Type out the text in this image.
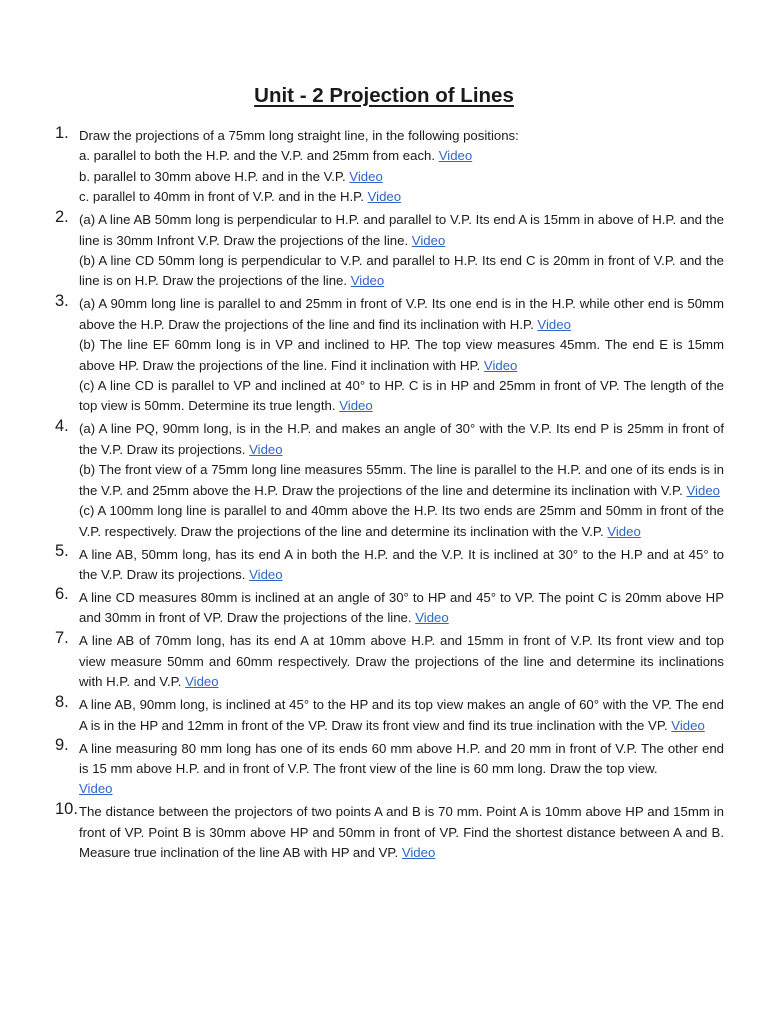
Unit - 2 Projection of Lines
1. Draw the projections of a 75mm long straight line, in the following positions:

a. parallel to both the H.P. and the V.P. and 25mm from each. Video

b. parallel to 30mm above H.P. and in the V.P. Video

c. parallel to 40mm in front of V.P. and in the H.P. Video

2. (a) A line AB 50mm long is perpendicular to H.P. and parallel to V.P. Its end A is 15mm in above of H.P. and the line is 30mm Infront V.P. Draw the projections of the line. Video

(b) A line CD 50mm long is perpendicular to V.P. and parallel to H.P. Its end C is 20mm in front of V.P. and the line is on H.P. Draw the projections of the line. Video

3. (a) A 90mm long line is parallel to and 25mm in front of V.P. Its one end is in the H.P. while other end is 50mm above the H.P. Draw the projections of the line and find its inclination with H.P. Video

(b) The line EF 60mm long is in VP and inclined to HP. The top view measures 45mm. The end E is 15mm above HP. Draw the projections of the line. Find it inclination with HP. Video

(c) A line CD is parallel to VP and inclined at 40° to HP. C is in HP and 25mm in front of VP. The length of the top view is 50mm. Determine its true length. Video

4. (a) A line PQ, 90mm long, is in the H.P. and makes an angle of 30° with the V.P. Its end P is 25mm in front of the V.P. Draw its projections. Video

(b) The front view of a 75mm long line measures 55mm. The line is parallel to the H.P. and one of its ends is in the V.P. and 25mm above the H.P. Draw the projections of the line and determine its inclination with V.P. Video

(c) A 100mm long line is parallel to and 40mm above the H.P. Its two ends are 25mm and 50mm in front of the V.P. respectively. Draw the projections of the line and determine its inclination with the V.P. Video

5. A line AB, 50mm long, has its end A in both the H.P. and the V.P. It is inclined at 30° to the H.P and at 45° to the V.P. Draw its projections. Video

6. A line CD measures 80mm is inclined at an angle of 30° to HP and 45° to VP. The point C is 20mm above HP and 30mm in front of VP. Draw the projections of the line. Video

7. A line AB of 70mm long, has its end A at 10mm above H.P. and 15mm in front of V.P. Its front view and top view measure 50mm and 60mm respectively. Draw the projections of the line and determine its inclinations with H.P. and V.P. Video

8. A line AB, 90mm long, is inclined at 45° to the HP and its top view makes an angle of 60° with the VP. The end A is in the HP and 12mm in front of the VP. Draw its front view and find its true inclination with the VP. Video

9. A line measuring 80 mm long has one of its ends 60 mm above H.P. and 20 mm in front of V.P. The other end is 15 mm above H.P. and in front of V.P. The front view of the line is 60 mm long. Draw the top view.
Video

10. The distance between the projectors of two points A and B is 70 mm. Point A is 10mm above HP and 15mm in front of VP. Point B is 30mm above HP and 50mm in front of VP. Find the shortest distance between A and B. Measure true inclination of the line AB with HP and VP. Video
